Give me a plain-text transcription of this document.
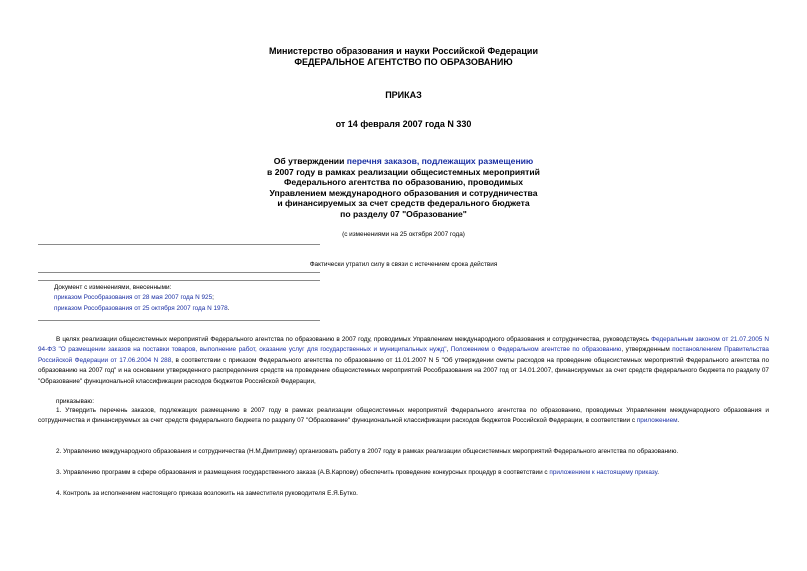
Министерство образования и науки Российской Федерации
ФЕДЕРАЛЬНОЕ АГЕНТСТВО ПО ОБРАЗОВАНИЮ
ПРИКАЗ
от 14 февраля 2007 года N 330
Об утверждении перечня заказов, подлежащих размещению
в 2007 году в рамках реализации общесистемных мероприятий
Федерального агентства по образованию, проводимых
Управлением международного образования и сотрудничества
и финансируемых за счет средств федерального бюджета
по разделу 07 "Образование"
(с изменениями на 25 октября 2007 года)
Фактически утратил силу в связи с истечением срока действия
Документ с изменениями, внесенными:
приказом Рособразования от 28 мая 2007 года N 925;
приказом Рособразования от 25 октября 2007 года N 1978.
В целях реализации общесистемных мероприятий Федерального агентства по образованию в 2007 году, проводимых Управлением международного образования и сотрудничества, руководствуясь Федеральным законом от 21.07.2005 N 94-ФЗ "О размещении заказов на поставки товаров, выполнение работ, оказание услуг для государственных и муниципальных нужд", Положением о Федеральном агентстве по образованию, утвержденным постановлением Правительства Российской Федерации от 17.06.2004 N 288, в соответствии с приказом Федерального агентства по образованию от 11.01.2007 N 5 "Об утверждении сметы расходов на проведение общесистемных мероприятий Федерального агентства по образованию на 2007 год" и на основании утвержденного распределения средств на проведение общесистемных мероприятий Рособразования на 2007 год от 14.01.2007, финансируемых за счет средств федерального бюджета по разделу 07 "Образование" функциональной классификации расходов бюджетов Российской Федерации,
приказываю:
1. Утвердить перечень заказов, подлежащих размещению в 2007 году в рамках реализации общесистемных мероприятий Федерального агентства по образованию, проводимых Управлением международного образования и сотрудничества и финансируемых за счет средств федерального бюджета по разделу 07 "Образование" функциональной классификации расходов бюджетов Российской Федерации, в соответствии с приложением.
2. Управлению международного образования и сотрудничества (Н.М.Дмитриеву) организовать работу в 2007 году в рамках реализации общесистемных мероприятий Федерального агентства по образованию.
3. Управлению программ в сфере образования и размещения государственного заказа (А.В.Карпову) обеспечить проведение конкурсных процедур в соответствии с приложением к настоящему приказу.
4. Контроль за исполнением настоящего приказа возложить на заместителя руководителя Е.Я.Бутко.
